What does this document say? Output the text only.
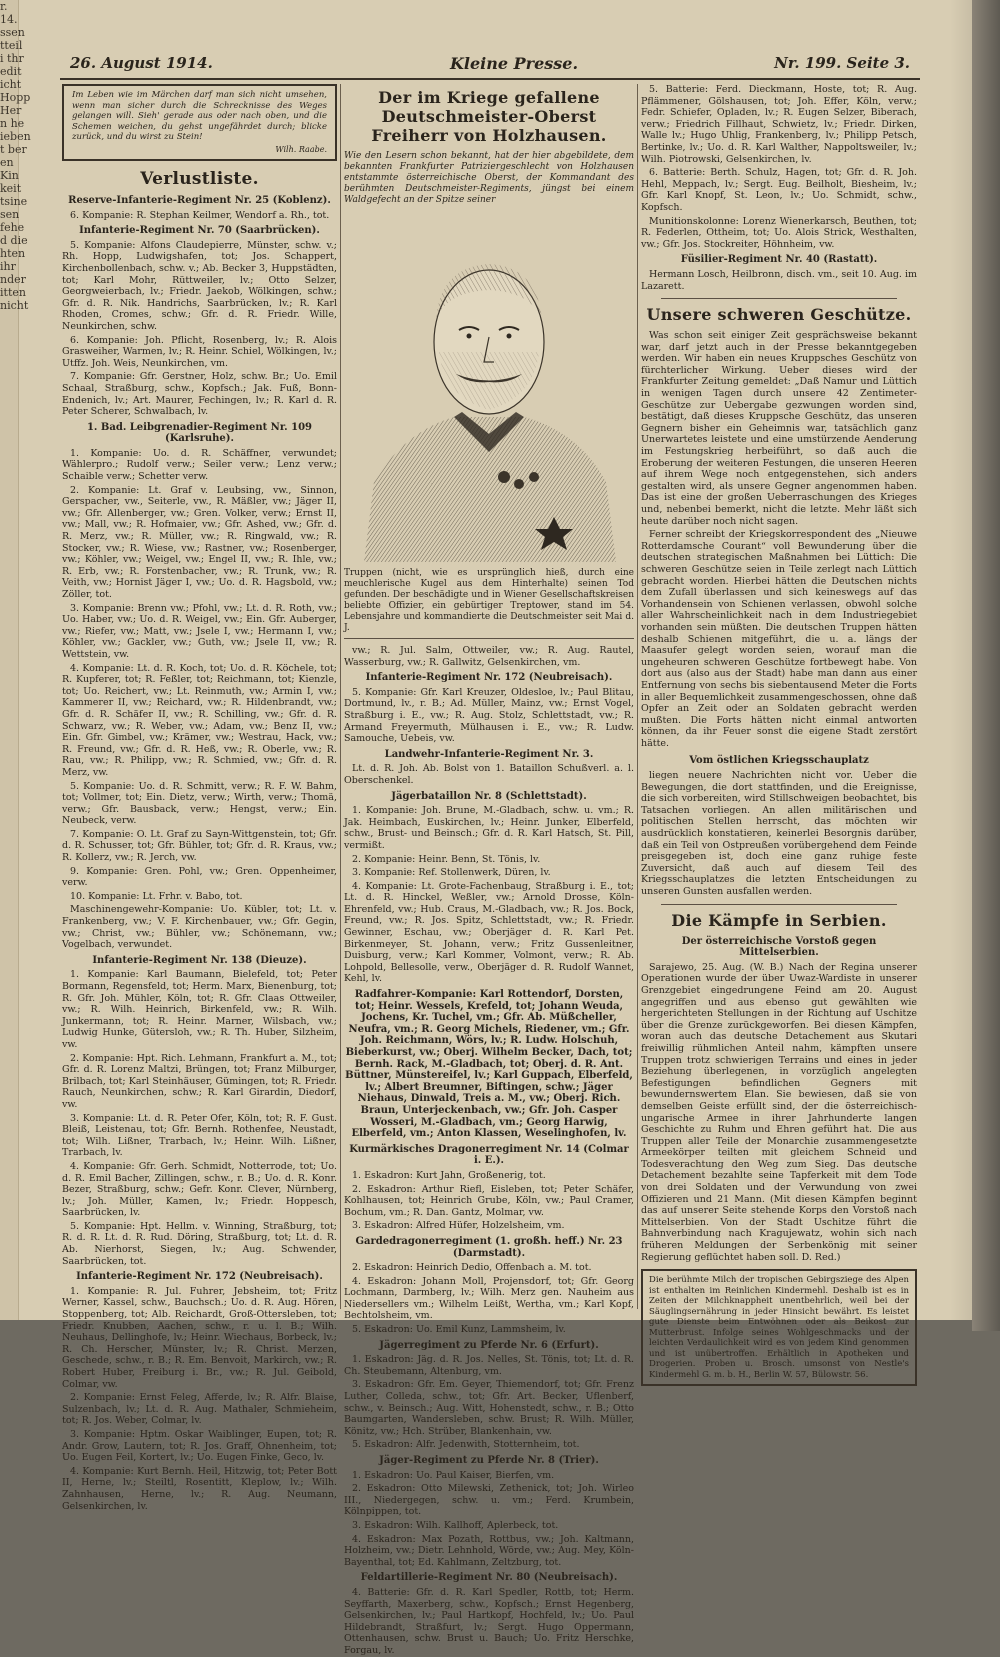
r.
14.
ssen
tteil
i thr
edit
icht
Hopp
Her
n he
ieben
t ber
en
Kin
keit
tsine
sen
fehe
d die
hten
ihr
nder
itten
nicht
26. August 1914.	Kleine Presse.	Nr. 199. Seite 3.
Im Leben wie im Märchen darf man sich nicht umsehen, wenn man sicher durch die Schrecknisse des Weges gelangen will. Sieh' gerade aus oder nach oben, und die Schemen weichen, du gehst ungefährdet durch; blicke zurück, und du wirst zu Stein!
Wilh. Raabe.
Verlustliste.
Reserve-Infanterie-Regiment Nr. 25 (Koblenz).
6. Kompanie: R. Stephan Keilmer, Wendorf a. Rh., tot.
Infanterie-Regiment Nr. 70 (Saarbrücken).
5. Kompanie: Alfons Claudepierre, Münster, schw. v.; Rh. Hopp, Ludwigshafen, tot; Jos. Schappert, Kirchenbollenbach, schw. v.; Ab. Becker 3, Huppstädten, tot; Karl Mohr, Rüttweiler, lv.; Otto Selzer, Georgweierbach, lv.; Friedr. Jaekob, Wölkingen, schw.; Gfr. d. R. Nik. Handrichs, Saarbrücken, lv.; R. Karl Rhoden, Cromes, schw.; Gfr. d. R. Friedr. Wille, Neunkirchen, schw.
6. Kompanie: Joh. Pflicht, Rosenberg, lv.; R. Alois Grasweiher, Warmen, lv.; R. Heinr. Schiel, Wölkingen, lv.; Utffz. Joh. Weis, Neunkirchen, vm.
7. Kompanie: Gfr. Gerstner, Holz, schw. Br.; Uo. Emil Schaal, Straßburg, schw., Kopfsch.; Jak. Fuß, Bonn-Endenich, lv.; Art. Maurer, Fechingen, lv.; R. Karl d. R. Peter Scherer, Schwalbach, lv.
1. Bad. Leibgrenadier-Regiment Nr. 109 (Karlsruhe).
1. Kompanie: Uo. d. R. Schäffner, verwundet; Wählerpro.; Rudolf verw.; Seiler verw.; Lenz verw.; Schaible verw.; Schetter verw.
2. Kompanie: Lt. Graf v. Leubsing, vw., Sinnon, Gerspacher, vw., Seiterle, vw., R. Mäßler, vw.; Jäger II, vw.; Gfr. Allenberger, vw.; Gren. Volker, verw.; Ernst II, vw.; Mall, vw.; R. Hofmaier, vw.; Gfr. Ashed, vw.; Gfr. d. R. Merz, vw.; R. Müller, vw.; R. Ringwald, vw.; R. Stocker, vw.; R. Wiese, vw.; Rastner, vw.; Rosenberger, vw.; Köhler, vw.; Weigel, vw.; Engel II, vw.; R. Ihle, vw.; R. Erb, vw.; R. Forstenbacher, vw.; R. Trunk, vw.; R. Veith, vw.; Hornist Jäger I, vw.; Uo. d. R. Hagsbold, vw.; Zöller, tot.
3. Kompanie: Brenn vw.; Pfohl, vw.; Lt. d. R. Roth, vw.; Uo. Haber, vw.; Uo. d. R. Weigel, vw.; Ein. Gfr. Auberger, vw.; Riefer, vw.; Matt, vw.; Jsele I, vw.; Hermann I, vw.; Köhler, vw.; Gackler, vw.; Guth, vw.; Jsele II, vw.; R. Wettstein, vw.
4. Kompanie: Lt. d. R. Koch, tot; Uo. d. R. Köchele, tot; R. Kupferer, tot; R. Feßler, tot; Reichmann, tot; Kienzle, tot; Uo. Reichert, vw.; Lt. Reinmuth, vw.; Armin I, vw.; Kammerer II, vw.; Reichard, vw.; R. Hildenbrandt, vw.; Gfr. d. R. Schäfer II, vw.; R. Schilling, vw.; Gfr. d. R. Schwarz, vw.; R. Weber, vw.; Adam, vw.; Benz II, vw.; Ein. Gfr. Gimbel, vw.; Krämer, vw.; Westrau, Hack, vw.; R. Freund, vw.; Gfr. d. R. Heß, vw.; R. Oberle, vw.; R. Rau, vw.; R. Philipp, vw.; R. Schmied, vw.; Gfr. d. R. Merz, vw.
5. Kompanie: Uo. d. R. Schmitt, verw.; R. F. W. Bahm, tot; Vollmer, tot; Ein. Dietz, verw.; Wirth, verw.; Thomä, verw.; Gfr. Bausback, verw.; Hengst, verw.; Ein. Neubeck, verw.
7. Kompanie: O. Lt. Graf zu Sayn-Wittgenstein, tot; Gfr. d. R. Schusser, tot; Gfr. Bühler, tot; Gfr. d. R. Kraus, vw.; R. Kollerz, vw.; R. Jerch, vw.
9. Kompanie: Gren. Pohl, vw.; Gren. Oppenheimer, verw.
10. Kompanie: Lt. Frhr. v. Babo, tot.
Maschinengewehr-Kompanie: Uo. Kübler, tot; Lt. v. Frankenberg, vw.; V. F. Kirchenbauer, vw.; Gfr. Gegin, vw.; Christ, vw.; Bühler, vw.; Schönemann, vw.; Vogelbach, verwundet.
Infanterie-Regiment Nr. 138 (Dieuze).
1. Kompanie: Karl Baumann, Bielefeld, tot; Peter Bormann, Regensfeld, tot; Herm. Marx, Bienenburg, tot; R. Gfr. Joh. Mühler, Köln, tot; R. Gfr. Claas Ottweiler, vw.; R. Wilh. Heinrich, Birkenfeld, vw.; R. Wilh. Junkermann, tot; R. Heinr. Marner, Wilsbach, vw.; Ludwig Hunke, Gütersloh, vw.; R. Th. Huber, Silzheim, vw.
2. Kompanie: Hpt. Rich. Lehmann, Frankfurt a. M., tot; Gfr. d. R. Lorenz Maltzi, Brüngen, tot; Franz Milburger, Brilbach, tot; Karl Steinhäuser, Gümingen, tot; R. Friedr. Rauch, Neunkirchen, schw.; R. Karl Girardin, Diedorf, vw.
3. Kompanie: Lt. d. R. Peter Ofer, Köln, tot; R. F. Gust. Bleiß, Leistenau, tot; Gfr. Bernh. Rothenfee, Neustadt, tot; Wilh. Lißner, Trarbach, lv.; Heinr. Wilh. Lißner, Trarbach, lv.
4. Kompanie: Gfr. Gerh. Schmidt, Notterrode, tot; Uo. d. R. Emil Bacher, Zillingen, schw., r. B.; Uo. d. R. Konr. Bezer, Straßburg, schw.; Gefr. Konr. Clever, Nürnberg, lv.; Joh. Müller, Kamen, lv.; Friedr. Hoppesch, Saarbrücken, lv.
5. Kompanie: Hpt. Hellm. v. Winning, Straßburg, tot; R. d. R. Lt. d. R. Rud. Döring, Straßburg, tot; Lt. d. R. Ab. Nierhorst, Siegen, lv.; Aug. Schwender, Saarbrücken, tot.
Infanterie-Regiment Nr. 172 (Neubreisach).
1. Kompanie: R. Jul. Fuhrer, Jebsheim, tot; Fritz Werner, Kassel, schw., Bauchsch.; Uo. d. R. Aug. Hören, Stoppenberg, tot; Alb. Reichardt, Groß-Ottersleben, tot; Friedr. Knubben, Aachen, schw., r. u. l. B.; Wilh. Neuhaus, Dellinghofe, lv.; Heinr. Wiechaus, Borbeck, lv.; R. Ch. Herscher, Münster, lv.; R. Christ. Merzen, Geschede, schw., r. B.; R. Em. Benvoit, Markirch, vw.; R. Robert Huber, Freiburg i. Br., vw.; R. Jul. Geibold, Colmar, vw.
2. Kompanie: Ernst Feleg, Afferde, lv.; R. Alfr. Blaise, Sulzenbach, lv.; Lt. d. R. Aug. Mathaler, Schmieheim, tot; R. Jos. Weber, Colmar, lv.
3. Kompanie: Hptm. Oskar Waiblinger, Eupen, tot; R. Andr. Grow, Lautern, tot; R. Jos. Graff, Ohnenheim, tot; Uo. Eugen Feil, Kortert, lv.; Uo. Eugen Finke, Geco, lv.
4. Kompanie: Kurt Bernh. Heil, Hitzwig, tot; Peter Bott II, Herne, lv.; Steiltl, Rosentitt, Kleplow, lv.; Wilh. Zahnhausen, Herne, lv.; R. Aug. Neumann, Gelsenkirchen, lv.
Der im Kriege gefallene Deutschmeister-Oberst Freiherr von Holzhausen.
Wie den Lesern schon bekannt, hat der hier abgebildete, dem bekannten Frankfurter Patriziergeschlecht von Holzhausen entstammte österreichische Oberst, der Kommandant des berühmten Deutschmeister-Regiments, jüngst bei einem Waldgefecht an der Spitze seiner
Truppen (nicht, wie es ursprünglich hieß, durch eine meuchlerische Kugel aus dem Hinterhalte) seinen Tod gefunden. Der beschädigte und in Wiener Gesellschaftskreisen beliebte Offizier, ein gebürtiger Treptower, stand im 54. Lebensjahre und kommandierte die Deutschmeister seit Mai d. J.
vw.; R. Jul. Salm, Ottweiler, vw.; R. Aug. Rautel, Wasserburg, vw.; R. Gallwitz, Gelsenkirchen, vm.
Infanterie-Regiment Nr. 172 (Neubreisach).
5. Kompanie: Gfr. Karl Kreuzer, Oldesloe, lv.; Paul Blitau, Dortmund, lv., r. B.; Ad. Müller, Mainz, vw.; Ernst Vogel, Straßburg i. E., vw.; R. Aug. Stolz, Schlettstadt, vw.; R. Armand Freyermuth, Mülhausen i. E., vw.; R. Ludw. Samouche, Uebeis, vw.
Landwehr-Infanterie-Regiment Nr. 3.
Lt. d. R. Joh. Ab. Bolst von 1. Bataillon Schußverl. a. l. Oberschenkel.
Jägerbataillon Nr. 8 (Schlettstadt).
1. Kompanie: Joh. Brune, M.-Gladbach, schw. u. vm.; R. Jak. Heimbach, Euskirchen, lv.; Heinr. Junker, Elberfeld, schw., Brust- und Beinsch.; Gfr. d. R. Karl Hatsch, St. Pill, vermißt.
2. Kompanie: Heinr. Benn, St. Tönis, lv.
3. Kompanie: Ref. Stollenwerk, Düren, lv.
4. Kompanie: Lt. Grote-Fachenbaug, Straßburg i. E., tot; Lt. d. R. Hinckel, Weßler, vw.; Arnold Drosse, Köln-Ehrenfeld, vw.; Hub. Craus, M.-Gladbach, vw.; R. Jos. Bock, Freund, vw.; R. Jos. Spitz, Schlettstadt, vw.; R. Friedr. Gewinner, Eschau, vw.; Oberjäger d. R. Karl Pet. Birkenmeyer, St. Johann, verw.; Fritz Gussenleitner, Duisburg, verw.; Karl Kommer, Volmont, verw.; R. Ab. Lohpold, Bellesolle, verw., Oberjäger d. R. Rudolf Wannet, Kehl, lv.
Radfahrer-Kompanie: Karl Rottendorf, Dorsten, tot; Heinr. Wessels, Krefeld, tot; Johann Weuda, Jochens, Kr. Tuchel, vm.; Gfr. Ab. Müßcheller, Neufra, vm.; R. Georg Michels, Riedener, vm.; Gfr. Joh. Reichmann, Wörs, lv.; R. Ludw. Holschuh, Bieberkurst, vw.; Oberj. Wilhelm Becker, Dach, tot; Bernh. Rack, M.-Gladbach, tot; Oberj. d. R. Ant. Büttner, Münstereifel, lv.; Karl Guppach, Elberfeld, lv.; Albert Breumner, Biftingen, schw.; Jäger Niehaus, Dinwald, Treis a. M., vw.; Oberj. Rich. Braun, Unterjeckenbach, vw.; Gfr. Joh. Casper Wosseri, M.-Gladbach, vm.; Georg Harwig, Elberfeld, vm.; Anton Klassen, Weselinghofen, lv.
Kurmärkisches Dragonerregiment Nr. 14 (Colmar i. E.).
1. Eskadron: Kurt Jahn, Großenerig, tot.
2. Eskadron: Arthur Riefl, Eisleben, tot; Peter Schäfer, Kohlhausen, tot; Heinrich Grube, Köln, vw.; Paul Cramer, Bochum, vm.; R. Dan. Gantz, Molmar, vw.
3. Eskadron: Alfred Hüfer, Holzelsheim, vm.
Gardedragonerregiment (1. großh. heff.) Nr. 23 (Darmstadt).
2. Eskadron: Heinrich Dedio, Offenbach a. M. tot.
4. Eskadron: Johann Moll, Projensdorf, tot; Gfr. Georg Lochmann, Darmberg, lv.; Wilh. Merz gen. Nauheim aus Niedersellers vm.; Wilhelm Leißt, Wertha, vm.; Karl Kopf, Bechtolsheim, vm.
5. Eskadron: Uo. Emil Kunz, Lammsheim, lv.
Jägerregiment zu Pferde Nr. 6 (Erfurt).
1. Eskadron: Jäg. d. R. Jos. Nelles, St. Tönis, tot; Lt. d. R. Ch. Steubemann, Altenburg, vm.
3. Eskadron: Gfr. Em. Geyer, Thiemendorf, tot; Gfr. Frenz Luther, Colleda, schw., tot; Gfr. Art. Becker, Uflenberf, schw., v. Beinsch.; Aug. Witt, Hohenstedt, schw., r. B.; Otto Baumgarten, Wandersleben, schw. Brust; R. Wilh. Müller, Könitz, vw.; Hch. Strüber, Blankenhain, vw.
5. Eskadron: Alfr. Jedenwith, Stotternheim, tot.
Jäger-Regiment zu Pferde Nr. 8 (Trier).
1. Eskadron: Uo. Paul Kaiser, Bierfen, vm.
2. Eskadron: Otto Milewski, Zethenick, tot; Joh. Wirleo III., Niedergegen, schw. u. vm.; Ferd. Krumbein, Kölnpippen, tot.
3. Eskadron: Wilh. Kallhoff, Aplerbeck, tot.
4. Eskadron: Max Pozath, Rottbus, vw.; Joh. Kaltmann, Holzheim, vw.; Dietr. Lehnhold, Wörde, vw.; Aug. Mey, Köln-Bayenthal, tot; Ed. Kahlmann, Zeltzburg, tot.
Feldartillerie-Regiment Nr. 80 (Neubreisach).
4. Batterie: Gfr. d. R. Karl Spedler, Rottb, tot; Herm. Seyffarth, Maxerberg, schw., Kopfsch.; Ernst Hegenberg, Gelsenkirchen, lv.; Paul Hartkopf, Hochfeld, lv.; Uo. Paul Hildebrandt, Straßfurt, lv.; Sergt. Hugo Oppermann, Ottenhausen, schw. Brust u. Bauch; Uo. Fritz Herschke, Forgau, lv.
5. Batterie: Ferd. Dieckmann, Hoste, tot; R. Aug. Pflämmener, Gölshausen, tot; Joh. Effer, Köln, verw.; Fedr. Schiefer, Opladen, lv.; R. Eugen Selzer, Biberach, verw.; Friedrich Fillhaut, Schwietz, lv.; Friedr. Dirken, Walle lv.; Hugo Uhlig, Frankenberg, lv.; Philipp Petsch, Bertinke, lv.; Uo. d. R. Karl Walther, Nappoltsweiler, lv.; Wilh. Piotrowski, Gelsenkirchen, lv.
6. Batterie: Berth. Schulz, Hagen, tot; Gfr. d. R. Joh. Hehl, Meppach, lv.; Sergt. Eug. Beilholt, Biesheim, lv.; Gfr. Karl Knopf, St. Leon, lv.; Uo. Schmidt, schw., Kopfsch.
Munitionskolonne: Lorenz Wienerkarsch, Beuthen, tot; R. Federlen, Ottheim, tot; Uo. Alois Strick, Westhalten, vw.; Gfr. Jos. Stockreiter, Höhnheim, vw.
Füsilier-Regiment Nr. 40 (Rastatt).
Hermann Losch, Heilbronn, disch. vm., seit 10. Aug. im Lazarett.
Unsere schweren Geschütze.
Was schon seit einiger Zeit gesprächsweise bekannt war, darf jetzt auch in der Presse bekanntgegeben werden. Wir haben ein neues Kruppsches Geschütz von fürchterlicher Wirkung. Ueber dieses wird der Frankfurter Zeitung gemeldet: „Daß Namur und Lüttich in wenigen Tagen durch unsere 42 Zentimeter-Geschütze zur Uebergabe gezwungen worden sind, bestätigt, daß dieses Kruppsche Geschütz, das unseren Gegnern bisher ein Geheimnis war, tatsächlich ganz Unerwartetes leistete und eine umstürzende Aenderung im Festungskrieg herbeiführt, so daß auch die Eroberung der weiteren Festungen, die unseren Heeren auf ihrem Wege noch entgegenstehen, sich anders gestalten wird, als unsere Gegner angenommen haben. Das ist eine der großen Ueberraschungen des Krieges und, nebenbei bemerkt, nicht die letzte. Mehr läßt sich heute darüber noch nicht sagen.
Ferner schreibt der Kriegskorrespondent des „Nieuwe Rotterdamsche Courant“ voll Bewunderung über die deutschen strategischen Maßnahmen bei Lüttich: Die schweren Geschütze seien in Teile zerlegt nach Lüttich gebracht worden. Hierbei hätten die Deutschen nichts dem Zufall überlassen und sich keineswegs auf das Vorhandensein von Schienen verlassen, obwohl solche aller Wahrscheinlichkeit nach in dem Industriegebiet vorhanden sein müßten. Die deutschen Truppen hätten deshalb Schienen mitgeführt, die u. a. längs der Maasufer gelegt worden seien, worauf man die ungeheuren schweren Geschütze fortbewegt habe. Von dort aus (also aus der Stadt) habe man dann aus einer Entfernung von sechs bis siebentausend Meter die Forts in aller Bequemlichkeit zusammengeschossen, ohne daß Opfer an Zeit oder an Soldaten gebracht werden mußten. Die Forts hätten nicht einmal antworten können, da ihr Feuer sonst die eigene Stadt zerstört hätte.
Vom östlichen Kriegsschauplatz
liegen neuere Nachrichten nicht vor. Ueber die Bewegungen, die dort stattfinden, und die Ereignisse, die sich vorbereiten, wird Stillschweigen beobachtet, bis Tatsachen vorliegen. An allen militärischen und politischen Stellen herrscht, das möchten wir ausdrücklich konstatieren, keinerlei Besorgnis darüber, daß ein Teil von Ostpreußen vorübergehend dem Feinde preisgegeben ist, doch eine ganz ruhige feste Zuversicht, daß auch auf diesem Teil des Kriegsschauplatzes die letzten Entscheidungen zu unseren Gunsten ausfallen werden.
Die Kämpfe in Serbien.
Der österreichische Vorstoß gegen Mittelserbien.
Sarajewo, 25. Aug. (W. B.) Nach der Regina unserer Operationen wurde der über Uwaz-Wardiste in unserer Grenzgebiet eingedrungene Feind am 20. August angegriffen und aus ebenso gut gewählten wie hergerichteten Stellungen in der Richtung auf Uschitze über die Grenze zurückgeworfen. Bei diesen Kämpfen, woran auch das deutsche Detachement aus Skutari freiwillig rühmlichen Anteil nahm, kämpften unsere Truppen trotz schwierigen Terrains und eines in jeder Beziehung überlegenen, in vorzüglich angelegten Befestigungen befindlichen Gegners mit bewundernswertem Elan. Sie bewiesen, daß sie von demselben Geiste erfüllt sind, der die österreichisch-ungarische Armee in ihrer Jahrhunderte langen Geschichte zu Ruhm und Ehren geführt hat. Die aus Truppen aller Teile der Monarchie zusammengesetzte Armeekörper teilten mit gleichem Schneid und Todesverachtung den Weg zum Sieg. Das deutsche Detachement bezahlte seine Tapferkeit mit dem Tode von drei Soldaten und der Verwundung von zwei Offizieren und 21 Mann. (Mit diesen Kämpfen beginnt das auf unserer Seite stehende Korps den Vorstoß nach Mittelserbien. Von der Stadt Uschitze führt die Bahnverbindung nach Kragujewatz, wohin sich nach früheren Meldungen der Serbenkönig mit seiner Regierung geflüchtet haben soll. D. Red.)
Die berühmte Milch der tropischen Gebirgsziege des Alpen ist enthalten im Reinlichen Kindermehl. Deshalb ist es in Zeiten der Milchknappheit unentbehrlich, weil bei der Säuglingsernährung in jeder Hinsicht bewährt. Es leistet gute Dienste beim Entwöhnen oder als Beikost zur Mutterbrust. Infolge seines Wohlgeschmacks und der leichten Verdaulichkeit wird es von jedem Kind genommen und ist unübertroffen. Erhältlich in Apotheken und Drogerien. Proben u. Brosch. umsonst von Nestle's Kindermehl G. m. b. H., Berlin W. 57, Bülowstr. 56.
